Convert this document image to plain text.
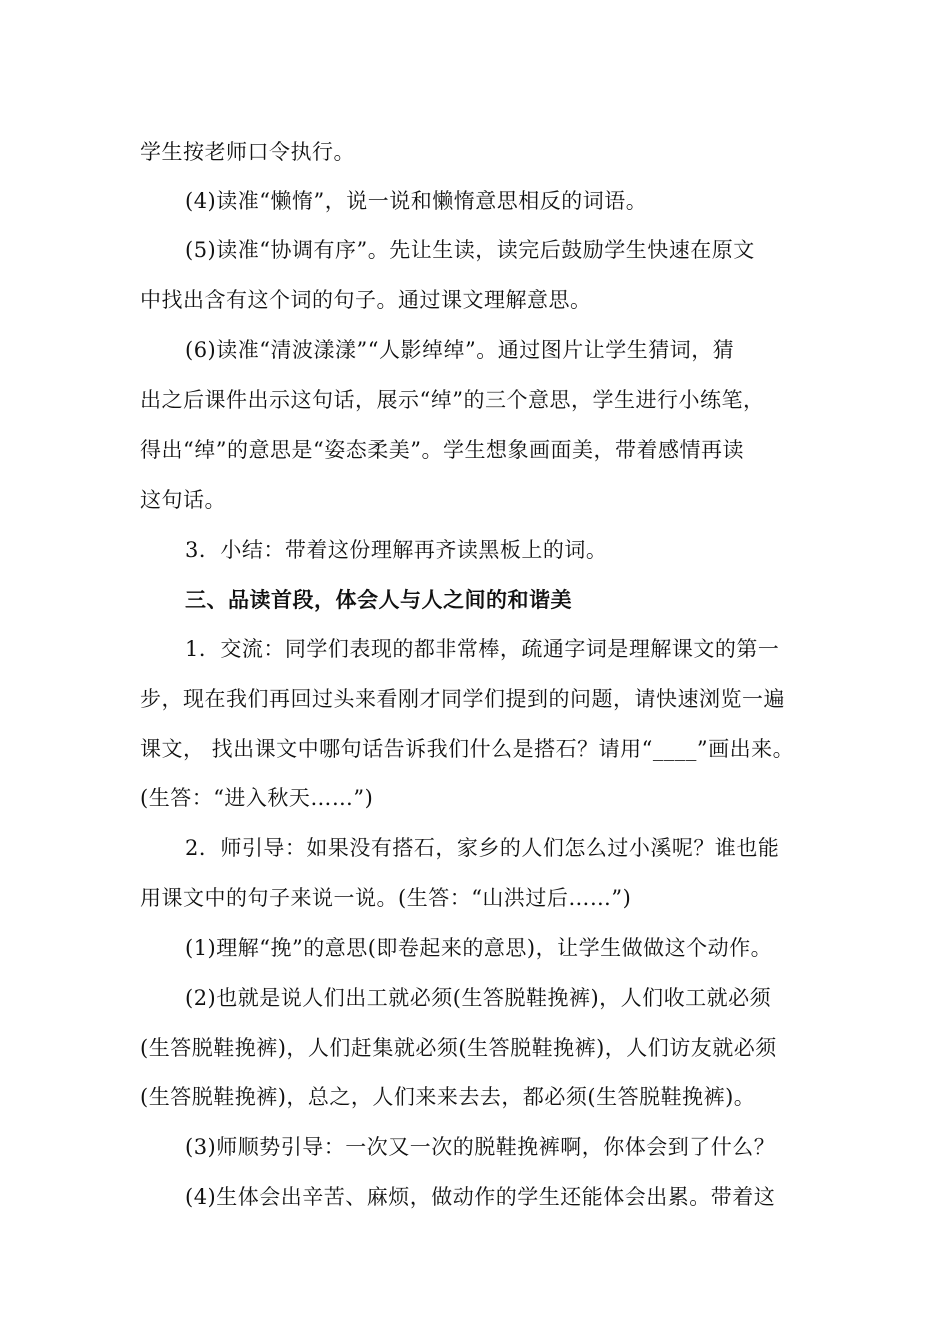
学生按老师口令执行。
(4)读准“懒惰”，说一说和懒惰意思相反的词语。
(5)读准“协调有序”。先让生读，读完后鼓励学生快速在原文
中找出含有这个词的句子。通过课文理解意思。
(6)读准“清波漾漾”“人影绰绰”。通过图片让学生猜词，猜
出之后课件出示这句话，展示“绰”的三个意思，学生进行小练笔，
得出“绰”的意思是“姿态柔美”。学生想象画面美，带着感情再读
这句话。
3．小结：带着这份理解再齐读黑板上的词。
三、品读首段，体会人与人之间的和谐美
1．交流：同学们表现的都非常棒，疏通字词是理解课文的第一
步，现在我们再回过头来看刚才同学们提到的问题，请快速浏览一遍
课文， 找出课文中哪句话告诉我们什么是搭石？请用“____”画出来。
(生答：“进入秋天……”)
2．师引导：如果没有搭石，家乡的人们怎么过小溪呢？谁也能
用课文中的句子来说一说。(生答：“山洪过后……”)
(1)理解“挽”的意思(即卷起来的意思)，让学生做做这个动作。
(2)也就是说人们出工就必须(生答脱鞋挽裤)，人们收工就必须
(生答脱鞋挽裤)，人们赶集就必须(生答脱鞋挽裤)，人们访友就必须
(生答脱鞋挽裤)，总之，人们来来去去，都必须(生答脱鞋挽裤)。
(3)师顺势引导：一次又一次的脱鞋挽裤啊，你体会到了什么？
(4)生体会出辛苦、麻烦，做动作的学生还能体会出累。带着这
